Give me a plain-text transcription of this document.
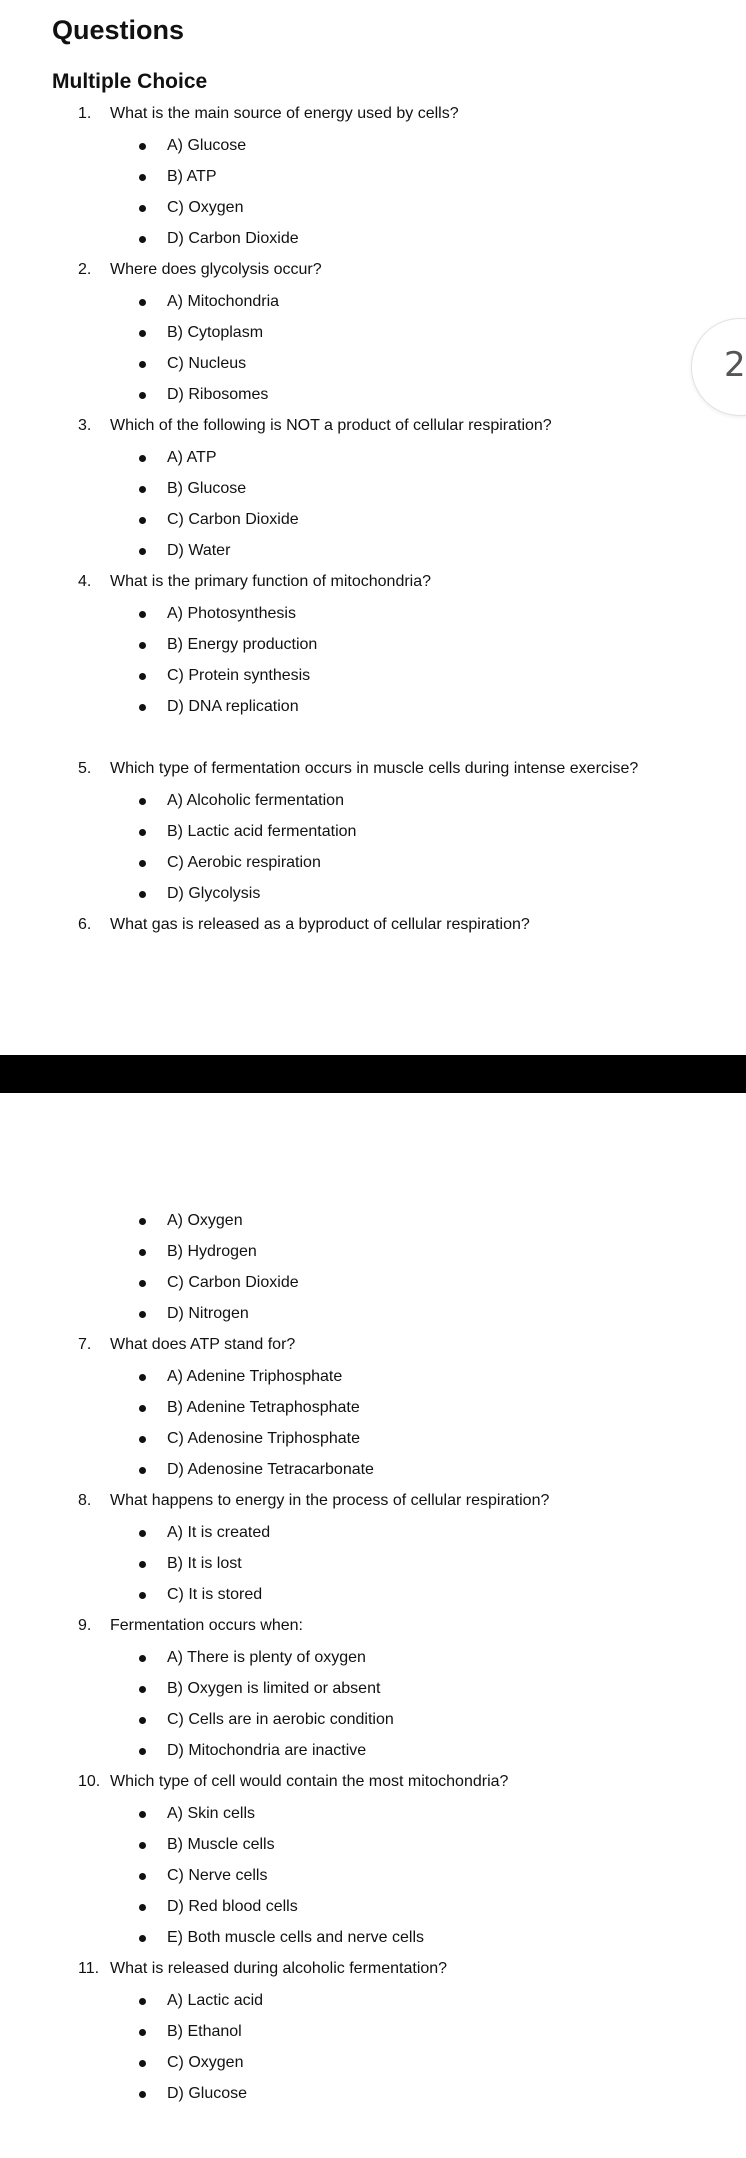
Questions
Multiple Choice
1.	What is the main source of energy used by cells?
A) Glucose
B) ATP
C) Oxygen
D) Carbon Dioxide
2.	Where does glycolysis occur?
A) Mitochondria
B) Cytoplasm
C) Nucleus
D) Ribosomes
3.	Which of the following is NOT a product of cellular respiration?
A) ATP
B) Glucose
C) Carbon Dioxide
D) Water
4.	What is the primary function of mitochondria?
A) Photosynthesis
B) Energy production
C) Protein synthesis
D) DNA replication
5.	Which type of fermentation occurs in muscle cells during intense exercise?
A) Alcoholic fermentation
B) Lactic acid fermentation
C) Aerobic respiration
D) Glycolysis
6.	What gas is released as a byproduct of cellular respiration?
2
A) Oxygen
B) Hydrogen
C) Carbon Dioxide
D) Nitrogen
7.	What does ATP stand for?
A) Adenine Triphosphate
B) Adenine Tetraphosphate
C) Adenosine Triphosphate
D) Adenosine Tetracarbonate
8.	What happens to energy in the process of cellular respiration?
A) It is created
B) It is lost
C) It is stored
9.	Fermentation occurs when:
A) There is plenty of oxygen
B) Oxygen is limited or absent
C) Cells are in aerobic condition
D) Mitochondria are inactive
10. Which type of cell would contain the most mitochondria?
A) Skin cells
B) Muscle cells
C) Nerve cells
D) Red blood cells
E) Both muscle cells and nerve cells
11. What is released during alcoholic fermentation?
A) Lactic acid
B) Ethanol
C) Oxygen
D) Glucose
